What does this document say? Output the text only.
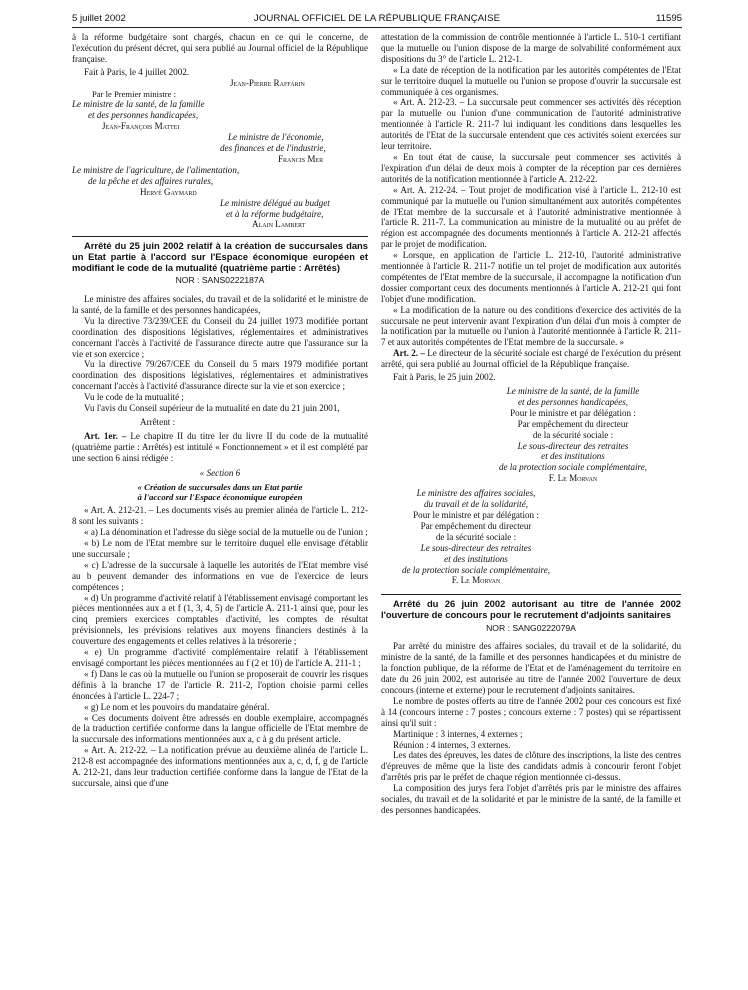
5 juillet 2002	JOURNAL OFFICIEL DE LA RÉPUBLIQUE FRANÇAISE	11595

à la réforme budgétaire sont chargés, chacun en ce qui le concerne, de l'exécution du présent décret, qui sera publié au Journal officiel de la République française.

Fait à Paris, le 4 juillet 2002.

Jean-Pierre Raffarin
Par le Premier ministre :
Le ministre de la santé, de la famille
et des personnes handicapées,
Jean-François Mattei
Le ministre de l'économie,
des finances et de l'industrie,
Francis Mer
Le ministre de l'agriculture, de l'alimentation,
de la pêche et des affaires rurales,
Hervé Gaymard
Le ministre délégué au budget
et à la réforme budgétaire,
Alain Lambert

Arrêté du 25 juin 2002 relatif à la création de succursales dans un Etat partie à l'accord sur l'Espace économique européen et modifiant le code de la mutualité (quatrième partie : Arrêtés)

NOR : SANS0222187A

Le ministre des affaires sociales, du travail et de la solidarité et le ministre de la santé, de la famille et des personnes handicapées,

Vu la directive 73/239/CEE du Conseil du 24 juillet 1973 modifiée portant coordination des dispositions législatives, réglementaires et administratives concernant l'accès à l'activité de l'assurance directe autre que l'assurance sur la vie et son exercice ;

Vu la directive 79/267/CEE du Conseil du 5 mars 1979 modifiée portant coordination des dispositions législatives, réglementaires et administratives concernant l'accès à l'activité d'assurance directe sur la vie et son exercice ;

Vu le code de la mutualité ;

Vu l'avis du Conseil supérieur de la mutualité en date du 21 juin 2001,

Arrêtent :

Art. 1er. – Le chapitre II du titre Ier du livre II du code de la mutualité (quatrième partie : Arrêtés) est intitulé « Fonctionnement » et il est complété par une section 6 ainsi rédigée :

« Section 6
« Création de succursales dans un Etat partie
à l'accord sur l'Espace économique européen

« Art. A. 212-21. – Les documents visés au premier alinéa de l'article L. 212-8 sont les suivants :

« a) La dénomination et l'adresse du siège social de la mutuelle ou de l'union ;

« b) Le nom de l'Etat membre sur le territoire duquel elle envisage d'établir une succursale ;

« c) L'adresse de la succursale à laquelle les autorités de l'Etat membre visé au b peuvent demander des informations en vue de l'exercice de leurs compétences ;

« d) Un programme d'activité relatif à l'établissement envisagé comportant les pièces mentionnées aux a et f (1, 3, 4, 5) de l'article A. 211-1 ainsi que, pour les cinq premiers exercices comptables d'activité, les comptes de résultat prévisionnels, les prévisions relatives aux moyens financiers destinés à la couverture des engagements et celles relatives à la trésorerie ;

« e) Un programme d'activité complémentaire relatif à l'établissement envisagé comportant les pièces mentionnées au f (2 et 10) de l'article A. 211-1 ;

« f) Dans le cas où la mutuelle ou l'union se proposerait de couvrir les risques définis à la branche 17 de l'article R. 211-2, l'option choisie parmi celles énoncées à l'article L. 224-7 ;

« g) Le nom et les pouvoirs du mandataire général.

« Ces documents doivent être adressés en double exemplaire, accompagnés de la traduction certifiée conforme dans la langue officielle de l'Etat membre de la succursale des informations mentionnées aux a, c à g du présent article.

« Art. A. 212-22. – La notification prévue au deuxième alinéa de l'article L. 212-8 est accompagnée des informations mentionnées aux a, c, d, f, g de l'article A. 212-21, dans leur traduction certifiée conforme dans la langue de l'Etat de la succursale, ainsi que d'une

attestation de la commission de contrôle mentionnée à l'article L. 510-1 certifiant que la mutuelle ou l'union dispose de la marge de solvabilité conformément aux dispositions du 3° de l'article L. 212-1.

« La date de réception de la notification par les autorités compétentes de l'Etat sur le territoire duquel la mutuelle ou l'union se propose d'ouvrir la succursale est communiquée à ces organismes.

« Art. A. 212-23. – La succursale peut commencer ses activités dès réception par la mutuelle ou l'union d'une communication de l'autorité administrative mentionnée à l'article R. 211-7 lui indiquant les conditions dans lesquelles les autorités de l'Etat de la succursale entendent que ces activités soient exercées sur leur territoire.

« En tout état de cause, la succursale peut commencer ses activités à l'expiration d'un délai de deux mois à compter de la réception par ces dernières autorités de la notification mentionnée à l'article A. 212-22.

« Art. A. 212-24. – Tout projet de modification visé à l'article L. 212-10 est communiqué par la mutuelle ou l'union simultanément aux autorités compétentes de l'Etat membre de la succursale et à l'autorité administrative mentionnée à l'article R. 211-7. La communication au ministre de la mutualité ou au préfet de région est accompagnée des documents mentionnés à l'article A. 212-21 affectés par le projet de modification.

« Lorsque, en application de l'article L. 212-10, l'autorité administrative mentionnée à l'article R. 211-7 notifie un tel projet de modification aux autorités compétentes de l'Etat membre de la succursale, il accompagne la notification d'un dossier comportant ceux des documents mentionnés à l'article A. 212-21 qui font l'objet d'une modification.

« La modification de la nature ou des conditions d'exercice des activités de la succursale ne peut intervenir avant l'expiration d'un délai d'un mois à compter de la notification par la mutuelle ou l'union à l'autorité mentionnée à l'article R. 211-7 et aux autorités compétentes de l'Etat membre de la succursale. »

Art. 2. – Le directeur de la sécurité sociale est chargé de l'exécution du présent arrêté, qui sera publié au Journal officiel de la République française.

Fait à Paris, le 25 juin 2002.

Le ministre de la santé, de la famille
et des personnes handicapées,
Pour le ministre et par délégation :
Par empêchement du directeur
de la sécurité sociale :
Le sous-directeur des retraites
et des institutions
de la protection sociale complémentaire,
F. Le Morvan
Le ministre des affaires sociales,
du travail et de la solidarité,
Pour le ministre et par délégation :
Par empêchement du directeur
de la sécurité sociale :
Le sous-directeur des retraites
et des institutions
de la protection sociale complémentaire,
F. Le Morvan

Arrêté du 26 juin 2002 autorisant au titre de l'année 2002 l'ouverture de concours pour le recrutement d'adjoints sanitaires

NOR : SANG0222079A

Par arrêté du ministre des affaires sociales, du travail et de la solidarité, du ministre de la santé, de la famille et des personnes handicapées et du ministre de la fonction publique, de la réforme de l'Etat et de l'aménagement du territoire en date du 26 juin 2002, est autorisée au titre de l'année 2002 l'ouverture de deux concours (interne et externe) pour le recrutement d'adjoints sanitaires.

Le nombre de postes offerts au titre de l'année 2002 pour ces concours est fixé à 14 (concours interne : 7 postes ; concours externe : 7 postes) qui se répartissent ainsi qu'il suit :

Martinique : 3 internes, 4 externes ;

Réunion : 4 internes, 3 externes.

Les dates des épreuves, les dates de clôture des inscriptions, la liste des centres d'épreuves de même que la liste des candidats admis à concourir feront l'objet d'arrêtés pris par le préfet de chaque région mentionnée ci-dessus.

La composition des jurys fera l'objet d'arrêtés pris par le ministre des affaires sociales, du travail et de la solidarité et par le ministre de la santé, de la famille et des personnes handicapées.
